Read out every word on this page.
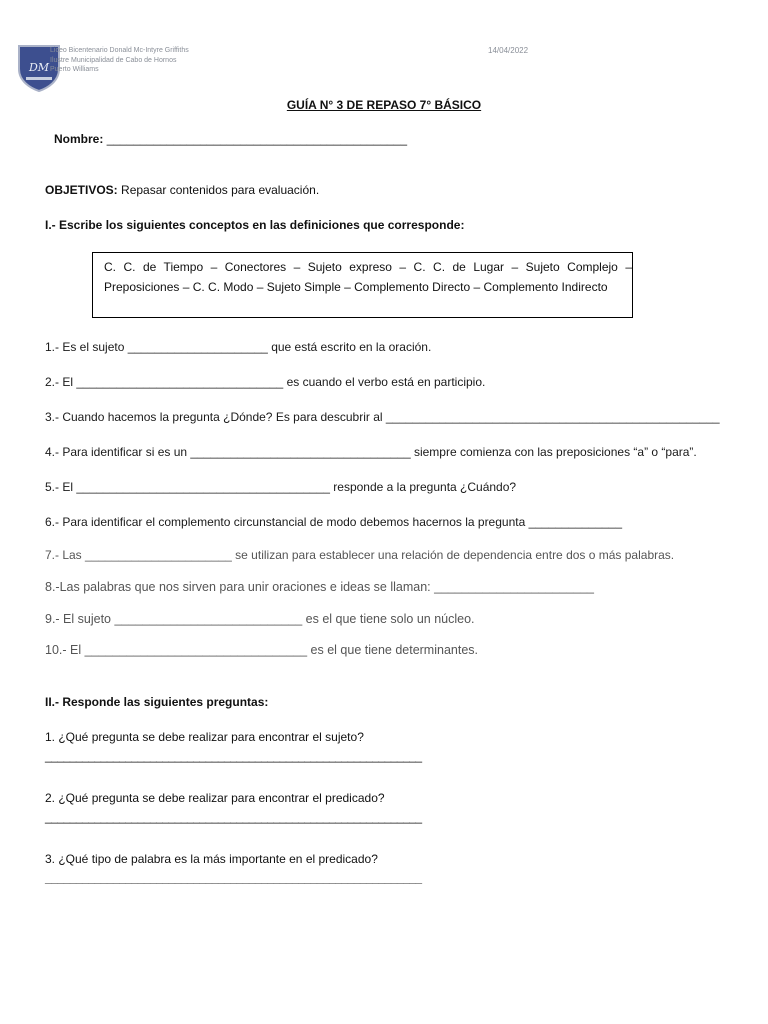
DM
Liceo Bicentenario Donald Mc-Intyre Griffiths
Ilustre Municipalidad de Cabo de Hornos
Puerto Williams
14/04/2022
GUÍA N° 3 DE REPASO 7° BÁSICO
Nombre: _____________________________________________
OBJETIVOS: Repasar contenidos para evaluación.
I.- Escribe los siguientes conceptos en las definiciones que corresponde:
C. C. de Tiempo – Conectores – Sujeto expreso – C. C. de Lugar – Sujeto Complejo – Preposiciones – C. C. Modo – Sujeto Simple – Complemento Directo – Complemento Indirecto
1.- Es el sujeto _____________________ que está escrito en la oración.
2.- El _______________________________ es cuando el verbo está en participio.
3.- Cuando hacemos la pregunta ¿Dónde? Es para descubrir al __________________________________________________
4.- Para identificar si es un _________________________________ siempre comienza con las preposiciones “a” o “para”.
5.- El ______________________________________ responde a la pregunta ¿Cuándo?
6.- Para identificar el complemento circunstancial de modo debemos hacernos la pregunta ______________
7.- Las ______________________ se utilizan para establecer una relación de dependencia entre dos o más palabras.
8.-Las palabras que nos sirven para unir oraciones e ideas se llaman: _______________________
9.- El sujeto ___________________________ es el que tiene solo un núcleo.
10.- El ________________________________ es el que tiene determinantes.
II.- Responde las siguientes preguntas:
1. ¿Qué pregunta se debe realizar para encontrar el sujeto?
_____________________________________________________________
2. ¿Qué pregunta se debe realizar para encontrar el predicado?
_____________________________________________________________
3. ¿Qué tipo de palabra es la más importante en el predicado?
_____________________________________________________________
